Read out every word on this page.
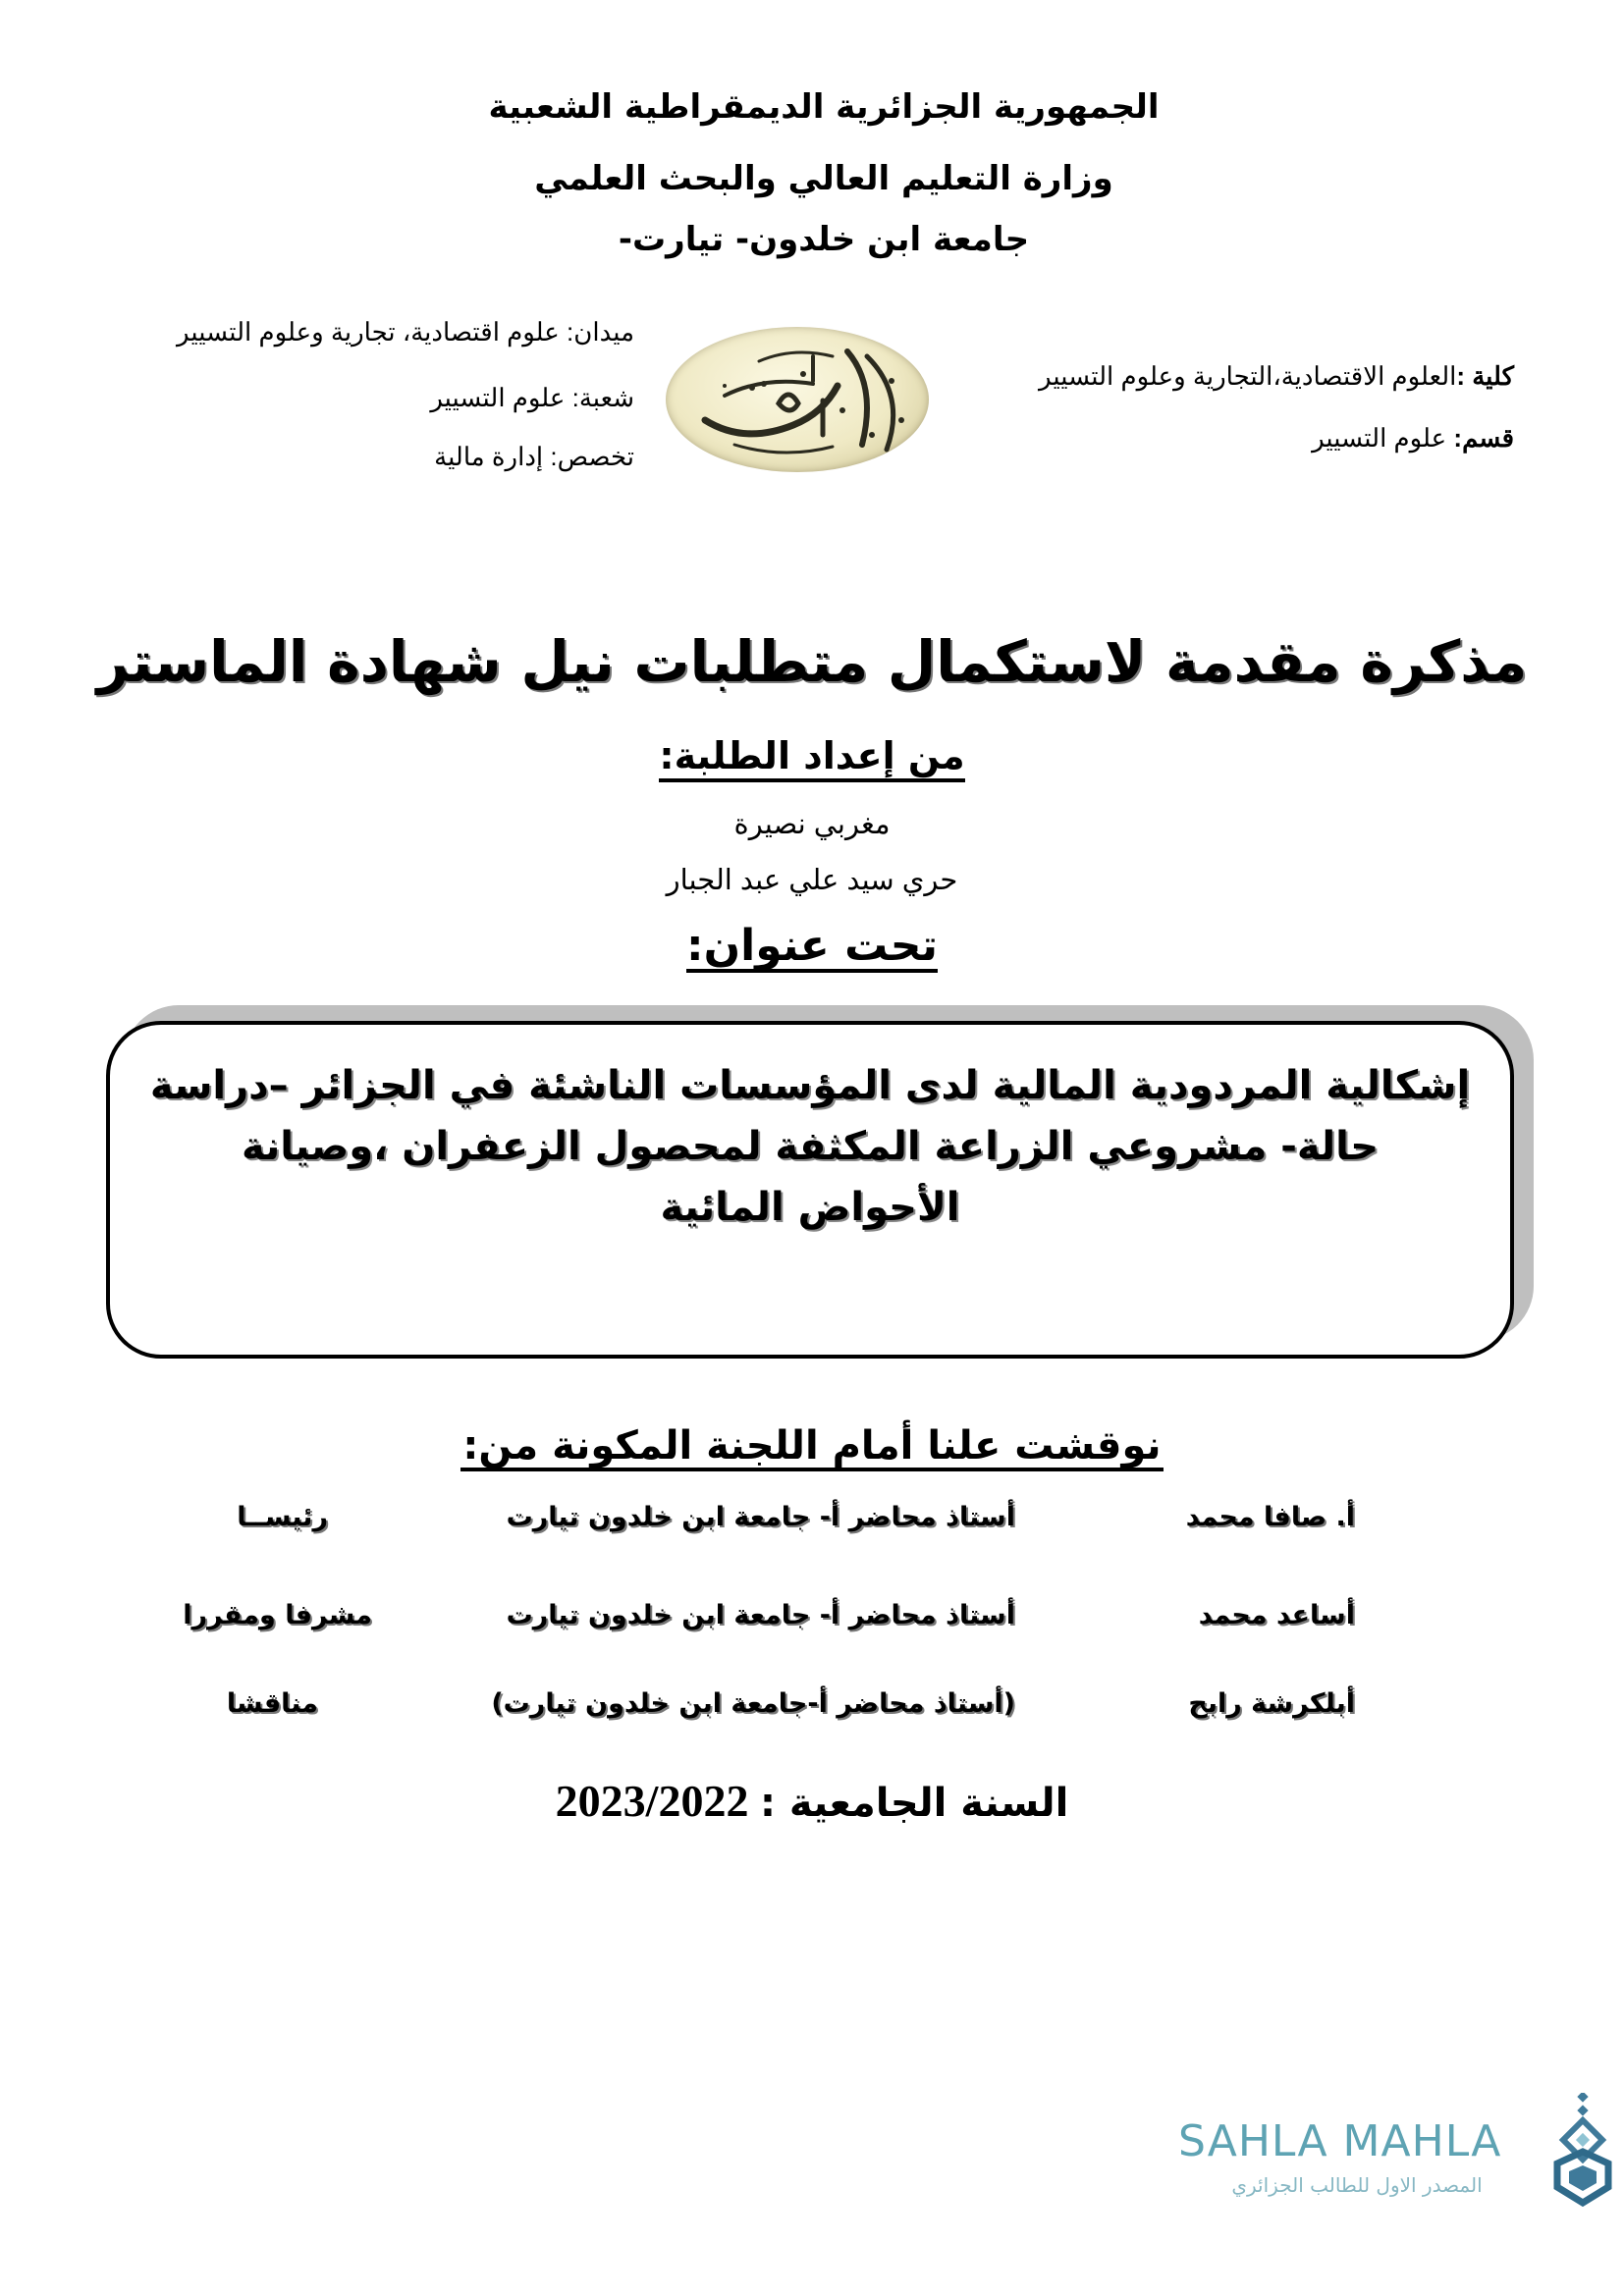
الجمهورية الجزائرية الديمقراطية الشعبية
وزارة التعليم العالي والبحث العلمي
جامعة ابن خلدون- تيارت-
ميدان: علوم اقتصادية، تجارية وعلوم التسيير
شعبة: علوم التسيير
تخصص: إدارة مالية
كلية :العلوم الاقتصادية،التجارية وعلوم التسيير
قسم: علوم التسيير
مذكرة مقدمة لاستكمال متطلبات نيل شهادة الماستر
من إعداد الطلبة:
مغربي نصيرة
حري سيد علي عبد الجبار
تحت عنوان:
إشكالية المردودية المالية لدى المؤسسات الناشئة في الجزائر –دراسة
حالة- مشروعي الزراعة المكثفة لمحصول الزعفران ،وصيانة
الأحواض المائية
نوقشت علنا أمام اللجنة المكونة من:
أ. صافا محمد
أستاذ محاضر أ- جامعة ابن خلدون تيارت
رئيســا
أساعد محمد
أستاذ محاضر أ- جامعة ابن خلدون تيارت
مشرفا ومقررا
أبلكرشة رابح
(أستاذ محاضر أ-جامعة ابن خلدون تيارت)
مناقشا
السنة الجامعية : 2023/2022
SAHLA MAHLA
المصدر الاول للطالب الجزائري
